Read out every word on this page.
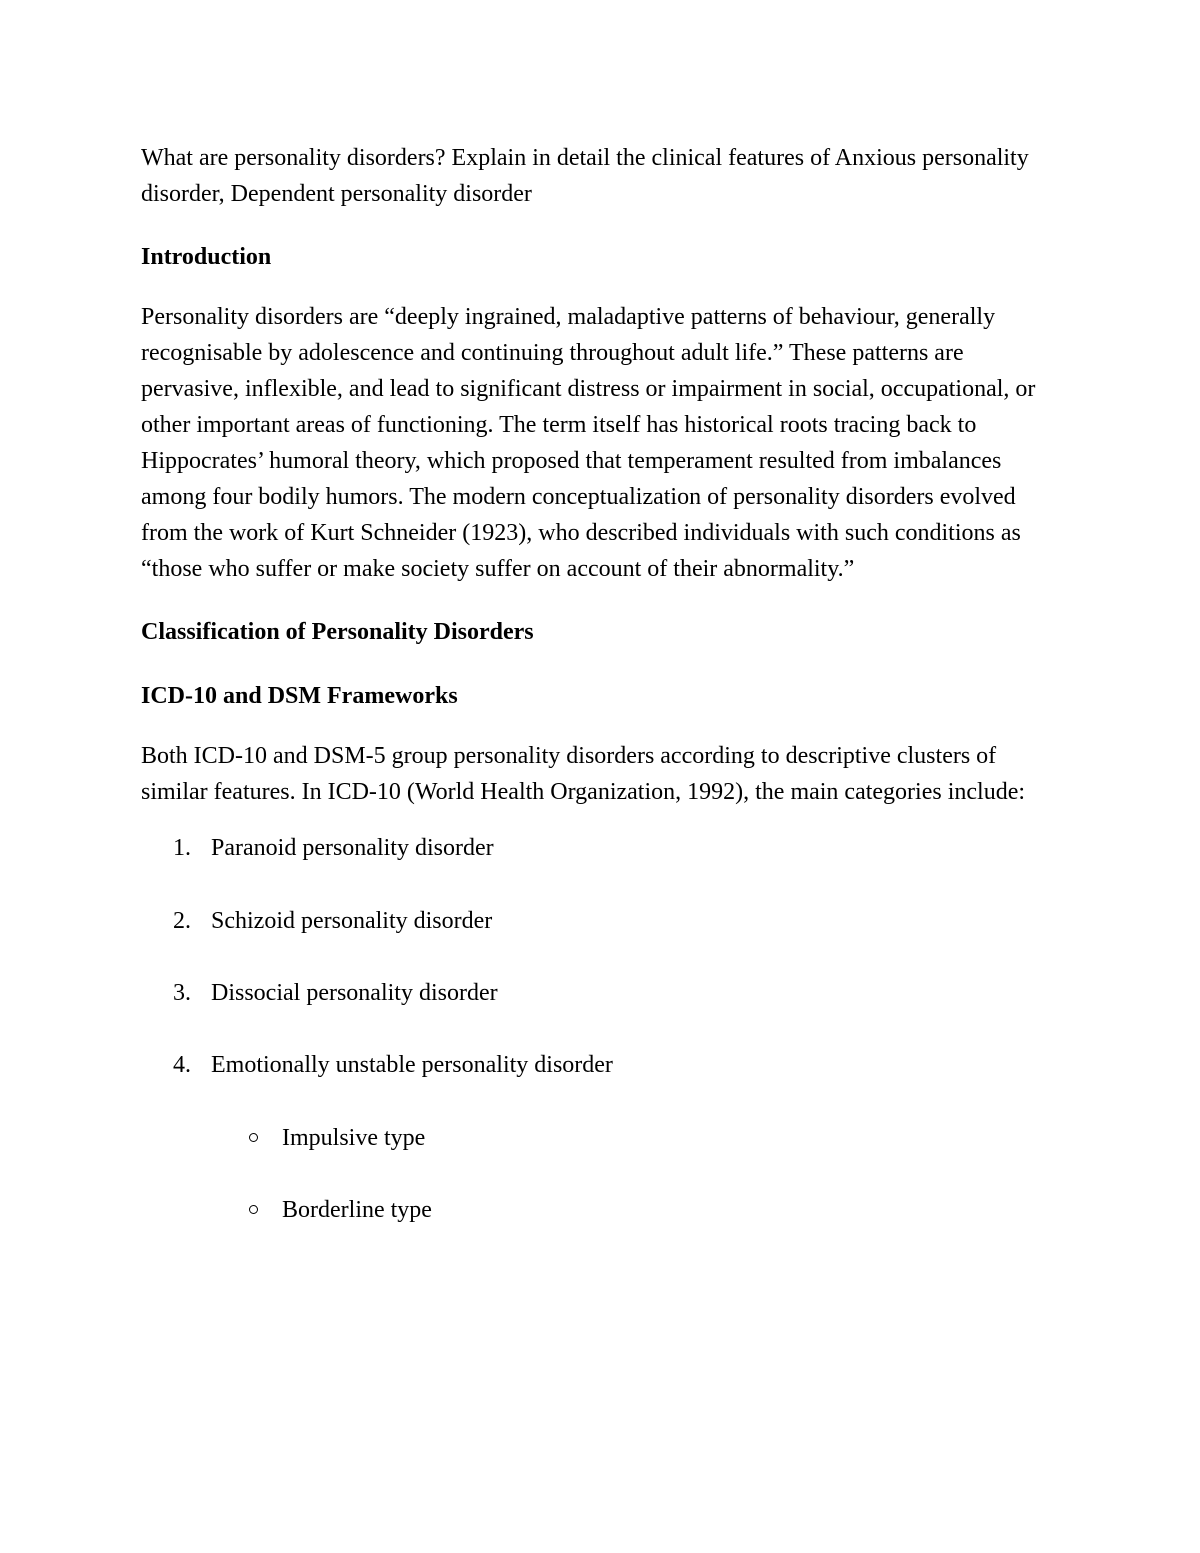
What are personality disorders? Explain in detail the clinical features of Anxious personality disorder, Dependent personality disorder

Introduction

Personality disorders are “deeply ingrained, maladaptive patterns of behaviour, generally recognisable by adolescence and continuing throughout adult life.” These patterns are pervasive, inflexible, and lead to significant distress or impairment in social, occupational, or other important areas of functioning. The term itself has historical roots tracing back to Hippocrates’ humoral theory, which proposed that temperament resulted from imbalances among four bodily humors. The modern conceptualization of personality disorders evolved from the work of Kurt Schneider (1923), who described individuals with such conditions as “those who suffer or make society suffer on account of their abnormality.”

Classification of Personality Disorders

ICD-10 and DSM Frameworks

Both ICD-10 and DSM-5 group personality disorders according to descriptive clusters of similar features. In ICD-10 (World Health Organization, 1992), the main categories include:

1. Paranoid personality disorder
2. Schizoid personality disorder
3. Dissocial personality disorder
4. Emotionally unstable personality disorder
Impulsive type
Borderline type
